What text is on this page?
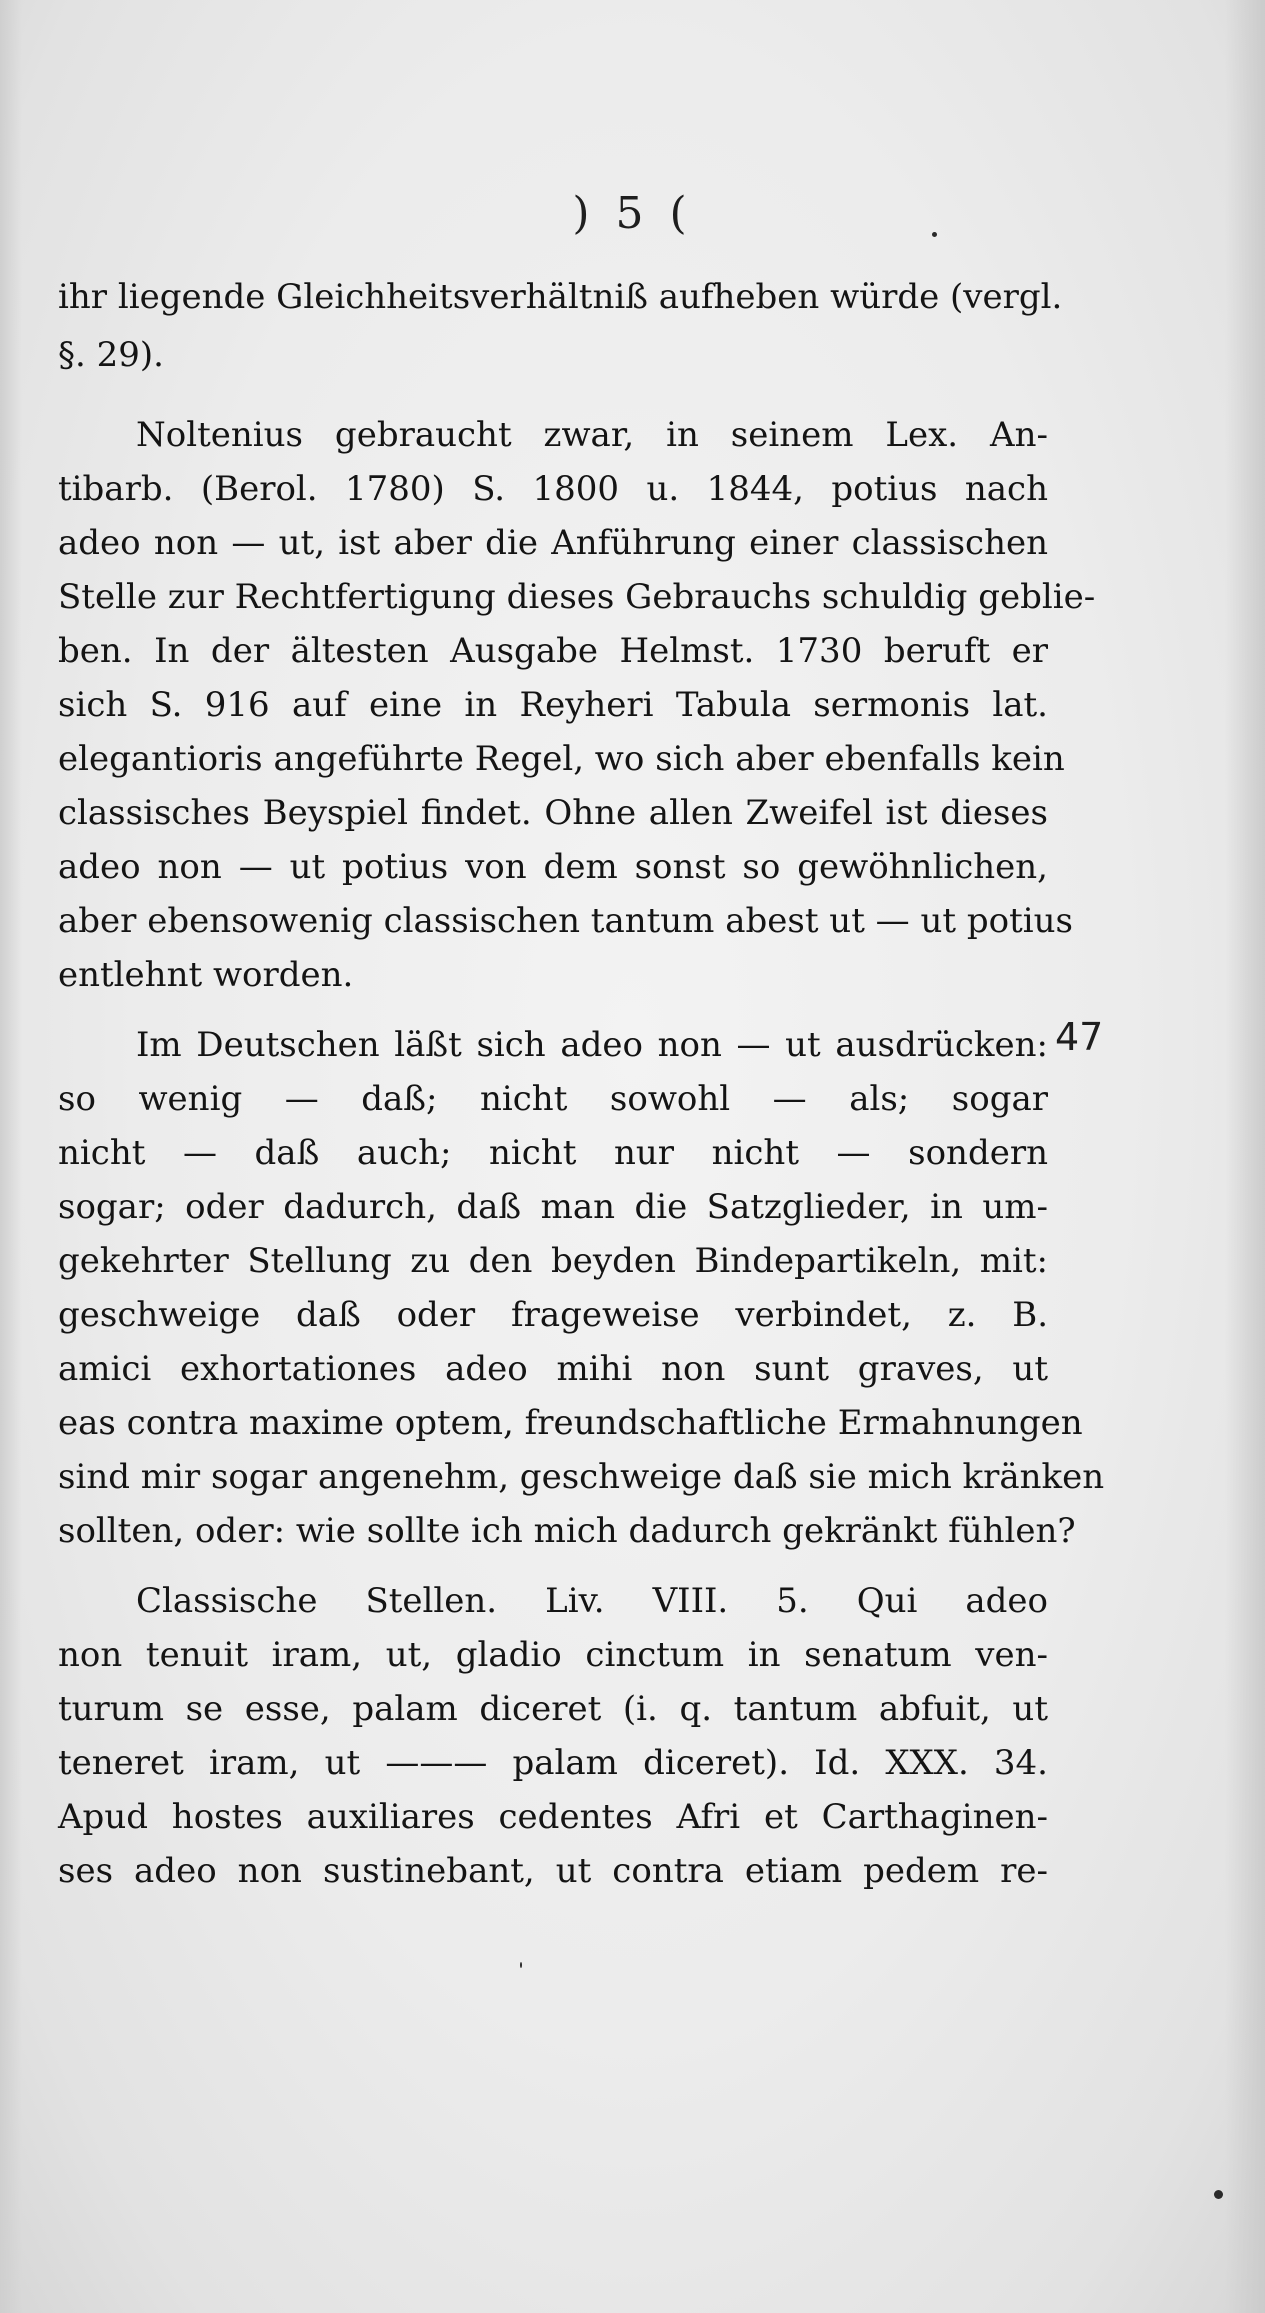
) 5 (
ihr liegende Gleichheitsverhältniß aufheben würde (vergl.
§. 29).
Noltenius gebraucht zwar, in seinem Lex. An-
tibarb. (Berol. 1780) S. 1800 u. 1844, potius nach
adeo non — ut, ist aber die Anführung einer classischen
Stelle zur Rechtfertigung dieses Gebrauchs schuldig geblie-
ben. In der ältesten Ausgabe Helmst. 1730 beruft er
sich S. 916 auf eine in Reyheri Tabula sermonis lat.
elegantioris angeführte Regel, wo sich aber ebenfalls kein
classisches Beyspiel findet. Ohne allen Zweifel ist dieses
adeo non — ut potius von dem sonst so gewöhnlichen,
aber ebensowenig classischen tantum abest ut — ut potius
entlehnt worden.
Im Deutschen läßt sich adeo non — ut ausdrücken:
so wenig — daß; nicht sowohl — als; sogar
nicht — daß auch; nicht nur nicht — sondern
sogar; oder dadurch, daß man die Satzglieder, in um-
gekehrter Stellung zu den beyden Bindepartikeln, mit:
geschweige daß oder frageweise verbindet, z. B.
amici exhortationes adeo mihi non sunt graves, ut
eas contra maxime optem, freundschaftliche Ermahnungen
sind mir sogar angenehm, geschweige daß sie mich kränken
sollten, oder: wie sollte ich mich dadurch gekränkt fühlen?
Classische Stellen. Liv. VIII. 5. Qui adeo
non tenuit iram, ut, gladio cinctum in senatum ven-
turum se esse, palam diceret (i. q. tantum abfuit, ut
teneret iram, ut ——— palam diceret). Id. XXX. 34.
Apud hostes auxiliares cedentes Afri et Carthaginen-
ses adeo non sustinebant, ut contra etiam pedem re-
47
